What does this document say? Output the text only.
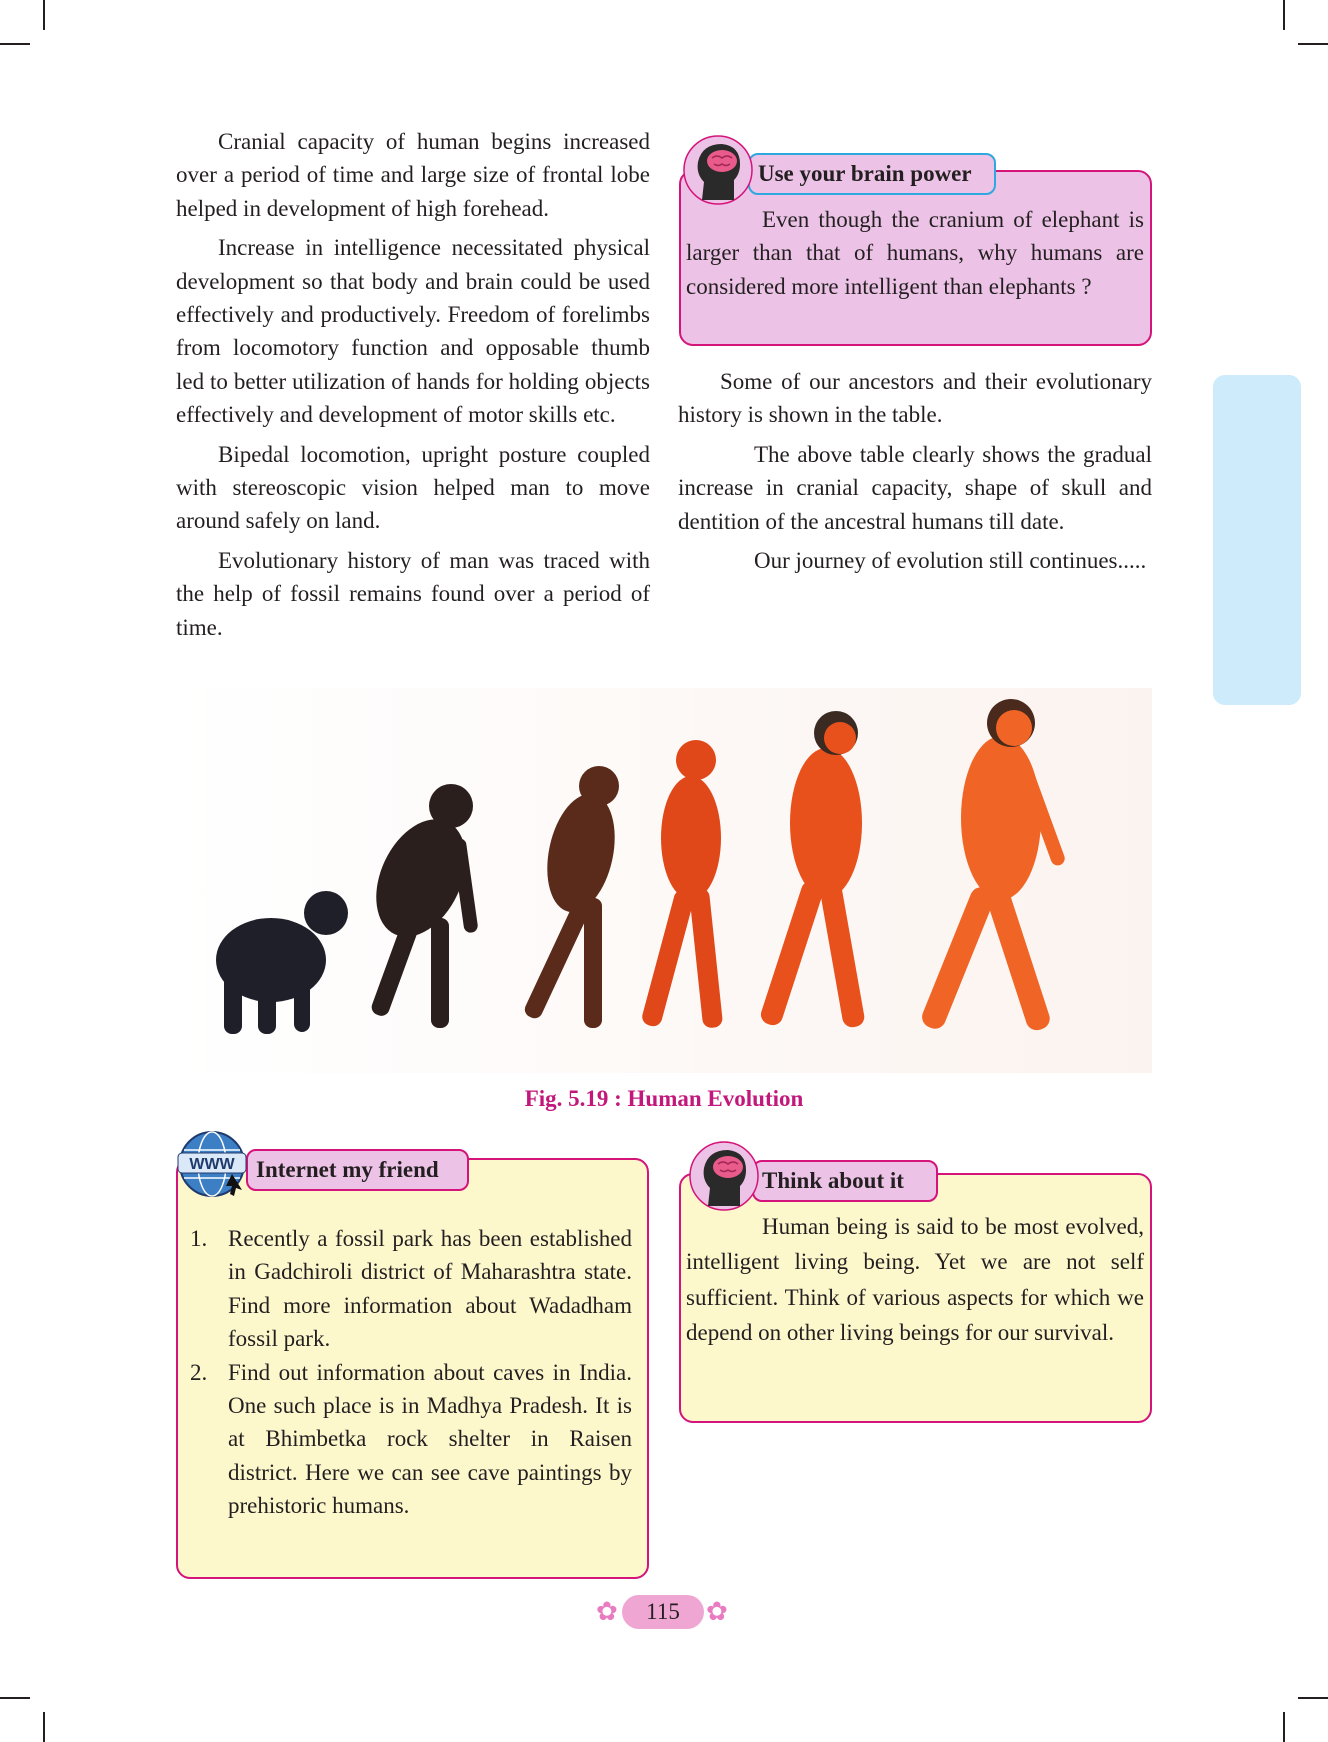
Cranial capacity of human begins increased over a period of time and large size of frontal lobe helped in development of high forehead.

Increase in intelligence necessitated physical development so that body and brain could be used effectively and productively. Freedom of forelimbs from locomotory function and opposable thumb led to better utilization of hands for holding objects effectively and development of motor skills etc.

Bipedal locomotion, upright posture coupled with stereoscopic vision helped man to move around safely on land.

Evolutionary history of man was traced with the help of fossil remains found over a period of time.

Use your brain power
Even though the cranium of elephant is larger than that of humans, why humans are considered more intelligent than elephants ?

Some of our ancestors and their evolutionary history is shown in the table.

The above table clearly shows the gradual increase in cranial capacity, shape of skull and dentition of the ancestral humans till date.

Our journey of evolution still continues.....

Fig. 5.19 : Human Evolution
Internet my friend
WWW
1. Recently a fossil park has been established in Gadchiroli district of Maharashtra state. Find more information about Wadadham fossil park.
2. Find out information about caves in India. One such place is in Madhya Pradesh. It is at Bhimbetka rock shelter in Raisen district. Here we can see cave paintings by prehistoric humans.
Think about it
Human being is said to be most evolved, intelligent living being. Yet we are not self sufficient. Think of various aspects for which we depend on other living beings for our survival.
✿	115	✿
